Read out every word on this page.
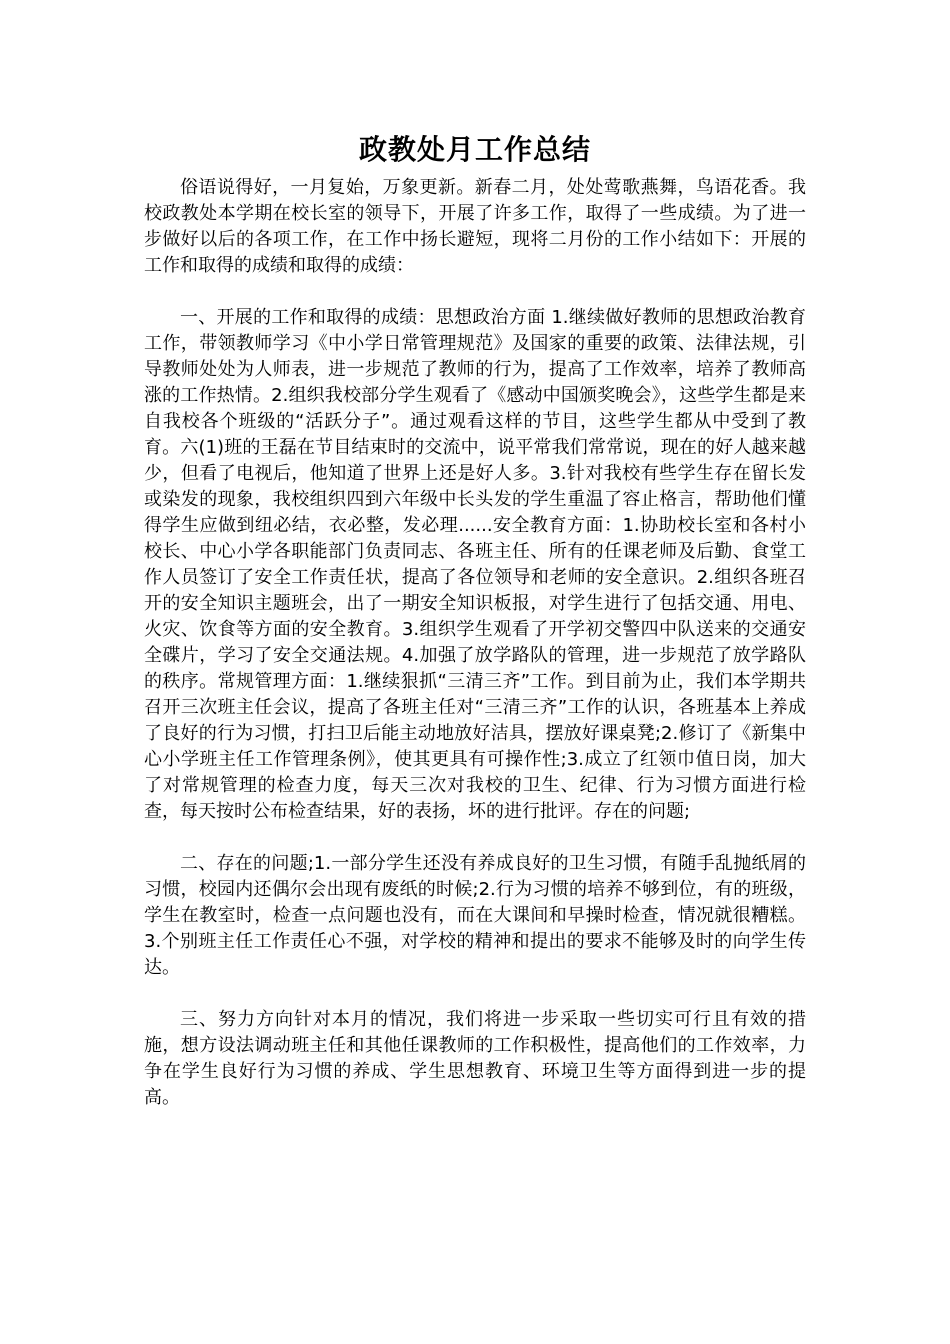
政教处月工作总结

俗语说得好，一月复始，万象更新。新春二月，处处莺歌燕舞，鸟语花香。我校政教处本学期在校长室的领导下，开展了许多工作，取得了一些成绩。为了进一步做好以后的各项工作，在工作中扬长避短，现将二月份的工作小结如下：开展的工作和取得的成绩和取得的成绩：

一、开展的工作和取得的成绩：思想政治方面 1.继续做好教师的思想政治教育工作，带领教师学习《中小学日常管理规范》及国家的重要的政策、法律法规，引导教师处处为人师表，进一步规范了教师的行为，提高了工作效率，培养了教师高涨的工作热情。2.组织我校部分学生观看了《感动中国颁奖晚会》，这些学生都是来自我校各个班级的“活跃分子”。通过观看这样的节目，这些学生都从中受到了教育。六(1)班的王磊在节目结束时的交流中，说平常我们常常说，现在的好人越来越少，但看了电视后，他知道了世界上还是好人多。3.针对我校有些学生存在留长发或染发的现象，我校组织四到六年级中长头发的学生重温了容止格言，帮助他们懂得学生应做到纽必结，衣必整，发必理......安全教育方面：1.协助校长室和各村小校长、中心小学各职能部门负责同志、各班主任、所有的任课老师及后勤、食堂工作人员签订了安全工作责任状，提高了各位领导和老师的安全意识。2.组织各班召开的安全知识主题班会，出了一期安全知识板报，对学生进行了包括交通、用电、火灾、饮食等方面的安全教育。3.组织学生观看了开学初交警四中队送来的交通安全碟片，学习了安全交通法规。4.加强了放学路队的管理，进一步规范了放学路队的秩序。常规管理方面：1.继续狠抓“三清三齐”工作。到目前为止，我们本学期共召开三次班主任会议，提高了各班主任对“三清三齐”工作的认识，各班基本上养成了良好的行为习惯，打扫卫后能主动地放好洁具，摆放好课桌凳;2.修订了《新集中心小学班主任工作管理条例》，使其更具有可操作性;3.成立了红领巾值日岗，加大了对常规管理的检查力度，每天三次对我校的卫生、纪律、行为习惯方面进行检查，每天按时公布检查结果，好的表扬，坏的进行批评。存在的问题;

二、存在的问题;1.一部分学生还没有养成良好的卫生习惯，有随手乱抛纸屑的习惯，校园内还偶尔会出现有废纸的时候;2.行为习惯的培养不够到位，有的班级，学生在教室时，检查一点问题也没有，而在大课间和早操时检查，情况就很糟糕。3.个别班主任工作责任心不强，对学校的精神和提出的要求不能够及时的向学生传达。

三、努力方向针对本月的情况，我们将进一步采取一些切实可行且有效的措施，想方设法调动班主任和其他任课教师的工作积极性，提高他们的工作效率，力争在学生良好行为习惯的养成、学生思想教育、环境卫生等方面得到进一步的提高。
